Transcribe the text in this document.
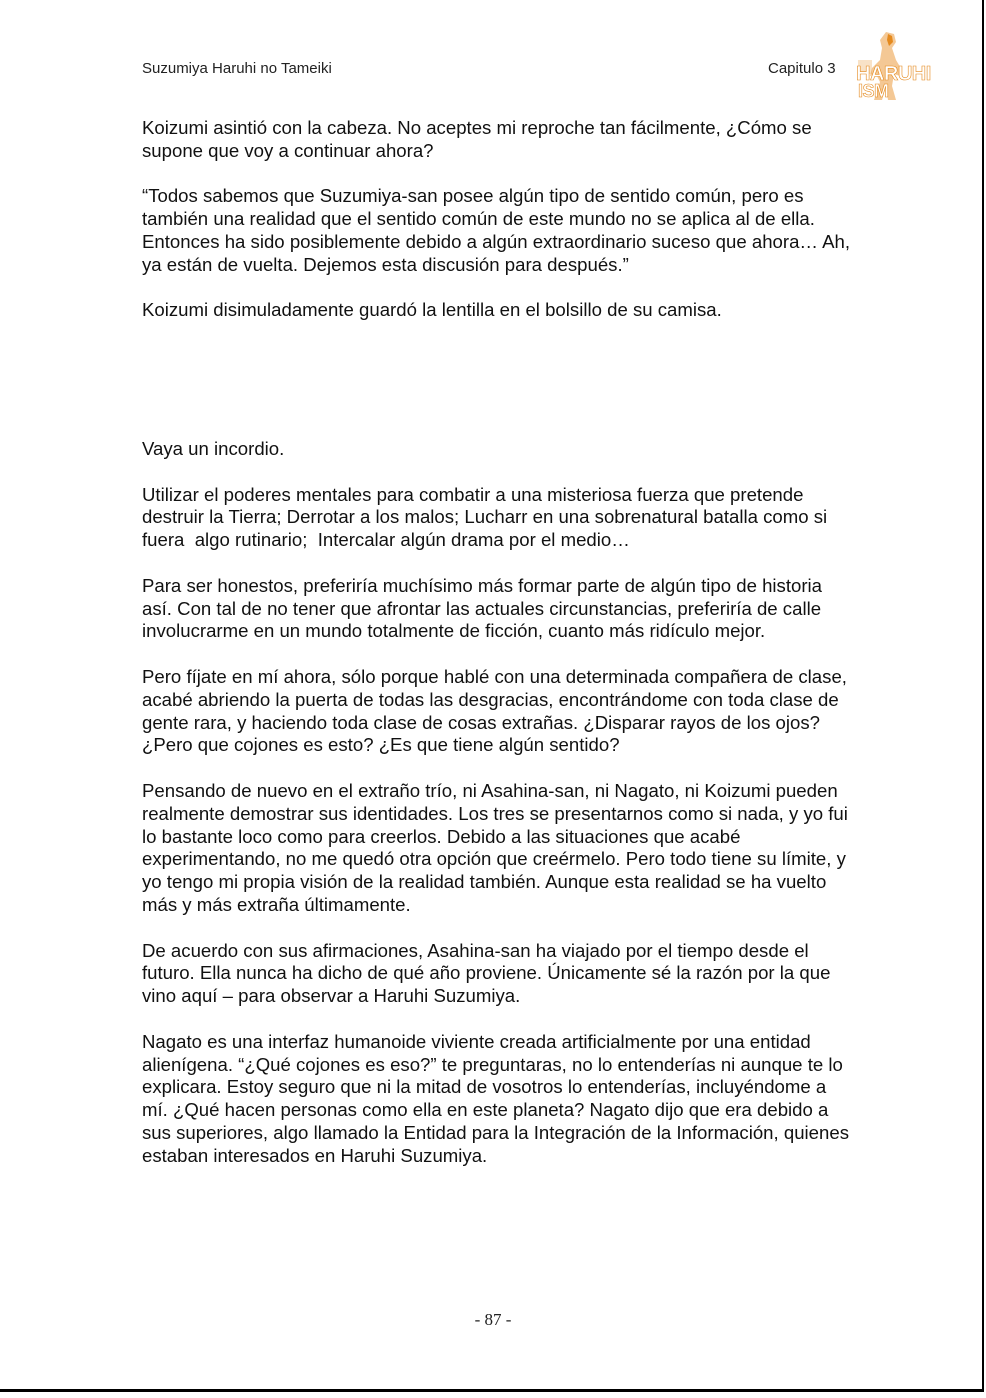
Suzumiya Haruhi no Tameiki	Capitulo 3 HARUHI
ISM

Koizumi asintió con la cabeza. No aceptes mi reproche tan fácilmente, ¿Cómo se supone que voy a continuar ahora?

“Todos sabemos que Suzumiya-san posee algún tipo de sentido común, pero es también una realidad que el sentido común de este mundo no se aplica al de ella. Entonces ha sido posiblemente debido a algún extraordinario suceso que ahora… Ah,  ya están de vuelta. Dejemos esta discusión para después.”

Koizumi disimuladamente guardó la lentilla en el bolsillo de su camisa.

Vaya un incordio.

Utilizar el poderes mentales para combatir a una misteriosa fuerza que pretende destruir la Tierra; Derrotar a los malos; Lucharr en una sobrenatural batalla como si fuera  algo rutinario;  Intercalar algún drama por el medio…

Para ser honestos, preferiría muchísimo más formar parte de algún tipo de historia así. Con tal de no tener que afrontar las actuales circunstancias, preferiría de calle involucrarme en un mundo totalmente de ficción, cuanto más ridículo mejor.

Pero fíjate en mí ahora, sólo porque hablé con una determinada compañera de clase, acabé abriendo la puerta de todas las desgracias, encontrándome con toda clase de gente rara, y haciendo toda clase de cosas extrañas. ¿Disparar rayos de los ojos? ¿Pero que cojones es esto? ¿Es que tiene algún sentido?

Pensando de nuevo en el extraño trío, ni Asahina-san, ni Nagato, ni Koizumi pueden realmente demostrar sus identidades. Los tres se presentarnos como si nada, y yo fui lo bastante loco como para creerlos. Debido a las situaciones que acabé experimentando, no me quedó otra opción que creérmelo. Pero todo tiene su límite, y yo tengo mi propia visión de la realidad también. Aunque esta realidad se ha vuelto más y más extraña últimamente.

De acuerdo con sus afirmaciones, Asahina-san ha viajado por el tiempo desde el futuro. Ella nunca ha dicho de qué año proviene. Únicamente sé la razón por la que vino aquí – para observar a Haruhi Suzumiya.

Nagato es una interfaz humanoide viviente creada artificialmente por una entidad alienígena. “¿Qué cojones es eso?” te preguntaras, no lo entenderías ni aunque te lo explicara. Estoy seguro que ni la mitad de vosotros lo entenderías, incluyéndome a mí. ¿Qué hacen personas como ella en este planeta? Nagato dijo que era debido a sus superiores, algo llamado la Entidad para la Integración de la Información, quienes estaban interesados en Haruhi Suzumiya.

- 87 -
